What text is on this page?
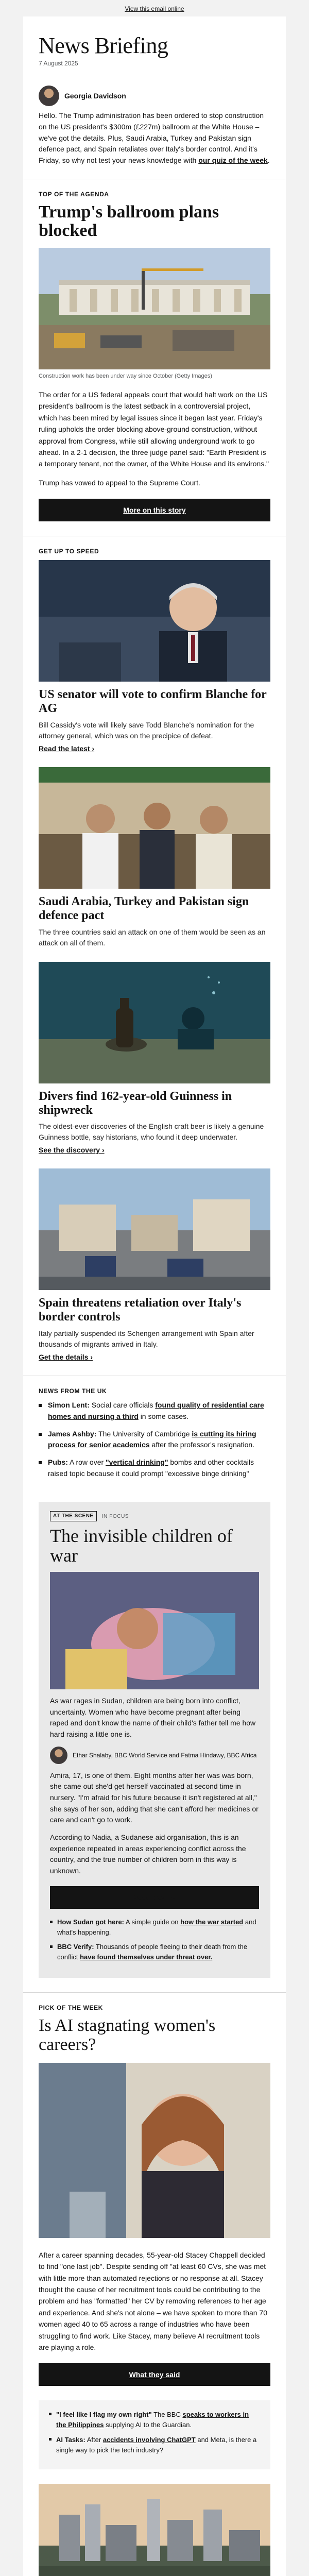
View this email online
News Briefing
7 August 2025
Georgia Davidson
Hello. The Trump administration has been ordered to stop construction on the US president's $300m (£227m) ballroom at the White House – we've got the details. Plus, Saudi Arabia, Turkey and Pakistan sign defence pact, and Spain retaliates over Italy's border control. And it's Friday, so why not test your news knowledge with our quiz of the week.
TOP OF THE AGENDA
Trump's ballroom plans blocked
Construction work has been under way since October (Getty Images)

The order for a US federal appeals court that would halt work on the US president's ballroom is the latest setback in a controversial project, which has been mired by legal issues since it began last year. Friday's ruling upholds the order blocking above-ground construction, without approval from Congress, while still allowing underground work to go ahead. In a 2-1 decision, the three judge panel said: "Earth President is a temporary tenant, not the owner, of the White House and its environs."

Trump has vowed to appeal to the Supreme Court.

More on this story
GET UP TO SPEED
US senator will vote to confirm Blanche for AG

Bill Cassidy's vote will likely save Todd Blanche's nomination for the attorney general, which was on the precipice of defeat.

Read the latest ›
Saudi Arabia, Turkey and Pakistan sign defence pact

The three countries said an attack on one of them would be seen as an attack on all of them.

Divers find 162-year-old Guinness in shipwreck

The oldest-ever discoveries of the English craft beer is likely a genuine Guinness bottle, say historians, who found it deep underwater.

See the discovery ›
Spain threatens retaliation over Italy's border controls

Italy partially suspended its Schengen arrangement with Spain after thousands of migrants arrived in Italy.

Get the details ›
NEWS FROM THE UK
Simon Lent: Social care officials found quality of residential care homes and nursing a third in some cases.
James Ashby: The University of Cambridge is cutting its hiring process for senior academics after the professor's resignation.
Pubs: A row over "vertical drinking" bombs and other cocktails raised topic because it could prompt "excessive binge drinking"
AT THE SCENE	IN FOCUS
The invisible children of war

As war rages in Sudan, children are being born into conflict, uncertainty. Women who have become pregnant after being raped and don't know the name of their child's father tell me how hard raising a little one is.

Ethar Shalaby, BBC World Service and Fatma Hindawy, BBC Africa

Amira, 17, is one of them. Eight months after her was was born, she came out she'd get herself vaccinated at second time in nursery. "I'm afraid for his future because it isn't registered at all," she says of her son, adding that she can't afford her medicines or care and can't go to work.

According to Nadia, a Sudanese aid organisation, this is an experience repeated in areas experiencing conflict across the country, and the true number of children born in this way is unknown.

Keep reading
How Sudan got here: A simple guide on how the war started and what's happening.
BBC Verify: Thousands of people fleeing to their death from the conflict have found themselves under threat over.
PICK OF THE WEEK
Is AI stagnating women's careers?

After a career spanning decades, 55-year-old Stacey Chappell decided to find "one last job". Despite sending off "at least 60 CVs, she was met with little more than automated rejections or no response at all. Stacey thought the cause of her recruitment tools could be contributing to the problem and has "formatted" her CV by removing references to her age and experience. And she's not alone – we have spoken to more than 70 women aged 40 to 65 across a range of industries who have been struggling to find work. Like Stacey, many believe AI recruitment tools are playing a role.

What they said
"I feel like I flag my own right" The BBC speaks to workers in the Philippines supplying AI to the Guardian.
AI Tasks: After accidents involving ChatGPT and Meta, is there a single way to pick the tech industry?
